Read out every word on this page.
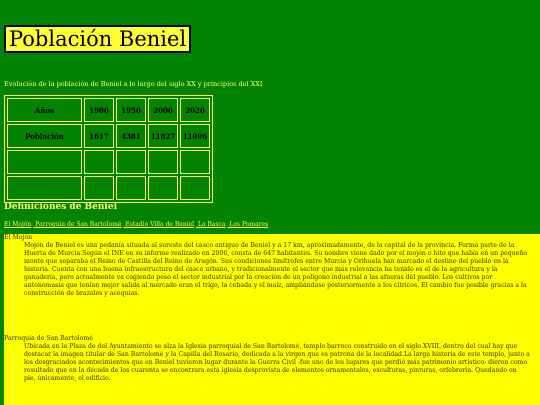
Población Beniel
Evolución de la población de Beniel a lo largo del siglo XX y principios del XXI
Años	1900	1950	2000	2020
Población	1617	4381	11827	11096

Definiciones de Beniel
El Mojón Parroquia de San Bartolomé Estadio Villa de Beniel La Basca Los Pomares
El Mojón
Mojón de Beniel es una pedanía situada al sureste del casco antiguo de Beniel y a 17 km, aproximadamente, de la capital de la provincia. Forma parte de la Huerta de Murcia.Según el INE en su informe realizado en 2006, consta de 647 habitantes. Su nombre viene dado por el mojón o hito que había en un pequeño monte que separaba el Reino de Castilla del Reino de Aragón. Sus condiciones limítrofes entre Murcia y Orihuela han marcado el destino del pueblo en la historia. Cuenta con una buena infraestructura del casco urbano, y tradicionalmente el sector que más relevancia ha tenido es el de la agricultura y la ganadería, pero actualmente va cogiendo peso el sector industrial por la creación de un polígono industrial a las afueras del pueblo. Los cultivos por antonomasia que tenían mejor salida al mercado eran el trigo, la cebada y el maíz, ampliándose posteriormente a los cítricos. El cambio fue posible gracias a la construcción de brazales y acequias.
Parroquia de San Bartolomé
Ubicada en la Plaza de del Ayuntamiento se alza la Iglesia parroquial de San Bartolomé, templo barroco construido en el siglo XVIII, dentro del cual hay que destacar la imagen titular de San Bartolomé y la Capilla del Rosario, dedicada a la virgen que es patrona de la localidad.La larga historia de este templo, junto a los desgraciados acontecimientos que en Beniel tuvieron lugar durante la Guerra Civil -fue uno de los lugares que perdió más patrimonio artístico- dieron como resultado que en la década de los cuarenta se encontrara esta iglesia desprovista de elementos ornamentales, esculturas, pinturas, orfebrería. Quedando en pie, únicamente, el edificio.
